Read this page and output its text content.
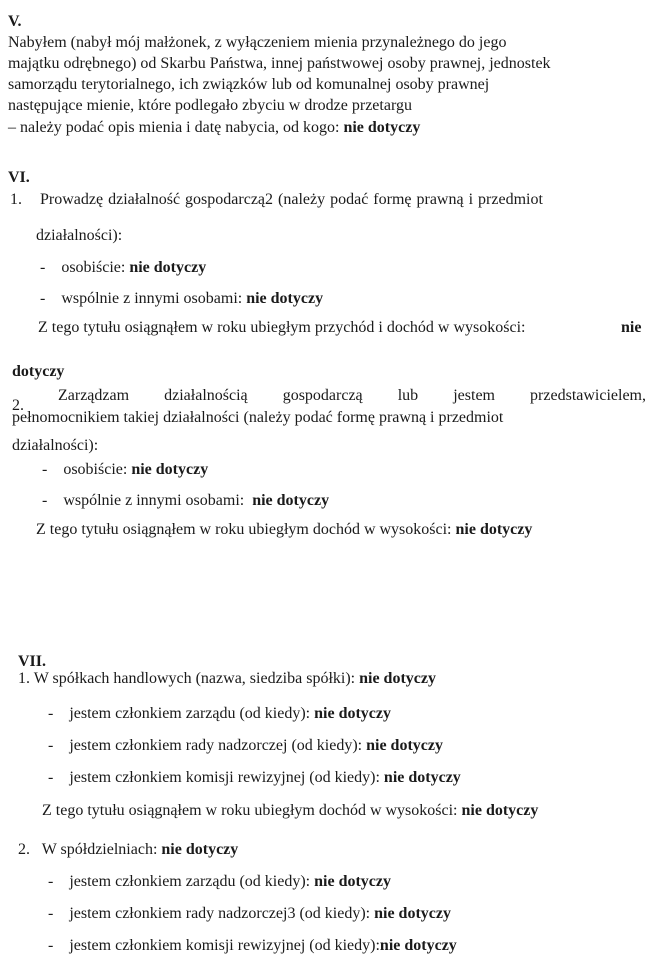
V.
Nabyłem (nabył mój małżonek, z wyłączeniem mienia przynależnego do jego
majątku odrębnego) od Skarbu Państwa, innej państwowej osoby prawnej, jednostek
samorządu terytorialnego, ich związków lub od komunalnej osoby prawnej
następujące mienie, które podlegało zbyciu w drodze przetargu
– należy podać opis mienia i datę nabycia, od kogo: nie dotyczy
VI.
1. Prowadzę działalność gospodarczą2 (należy podać formę prawną i przedmiot
działalności):
- osobiście: nie dotyczy
- wspólnie z innymi osobami: nie dotyczy
Z tego tytułu osiągnąłem w roku ubiegłym przychód i dochód w wysokości:	nie
dotyczy
2.
Zarządzam działalnością gospodarczą lub jestem przedstawicielem,
pełnomocnikiem takiej działalności (należy podać formę prawną i przedmiot
działalności):
- osobiście: nie dotyczy
- wspólnie z innymi osobami: nie dotyczy
Z tego tytułu osiągnąłem w roku ubiegłym dochód w wysokości: nie dotyczy
VII.
1. W spółkach handlowych (nazwa, siedziba spółki): nie dotyczy
- jestem członkiem zarządu (od kiedy): nie dotyczy
- jestem członkiem rady nadzorczej (od kiedy): nie dotyczy
- jestem członkiem komisji rewizyjnej (od kiedy): nie dotyczy
Z tego tytułu osiągnąłem w roku ubiegłym dochód w wysokości: nie dotyczy
2. W spółdzielniach: nie dotyczy
- jestem członkiem zarządu (od kiedy): nie dotyczy
- jestem członkiem rady nadzorczej3 (od kiedy): nie dotyczy
- jestem członkiem komisji rewizyjnej (od kiedy):nie dotyczy
